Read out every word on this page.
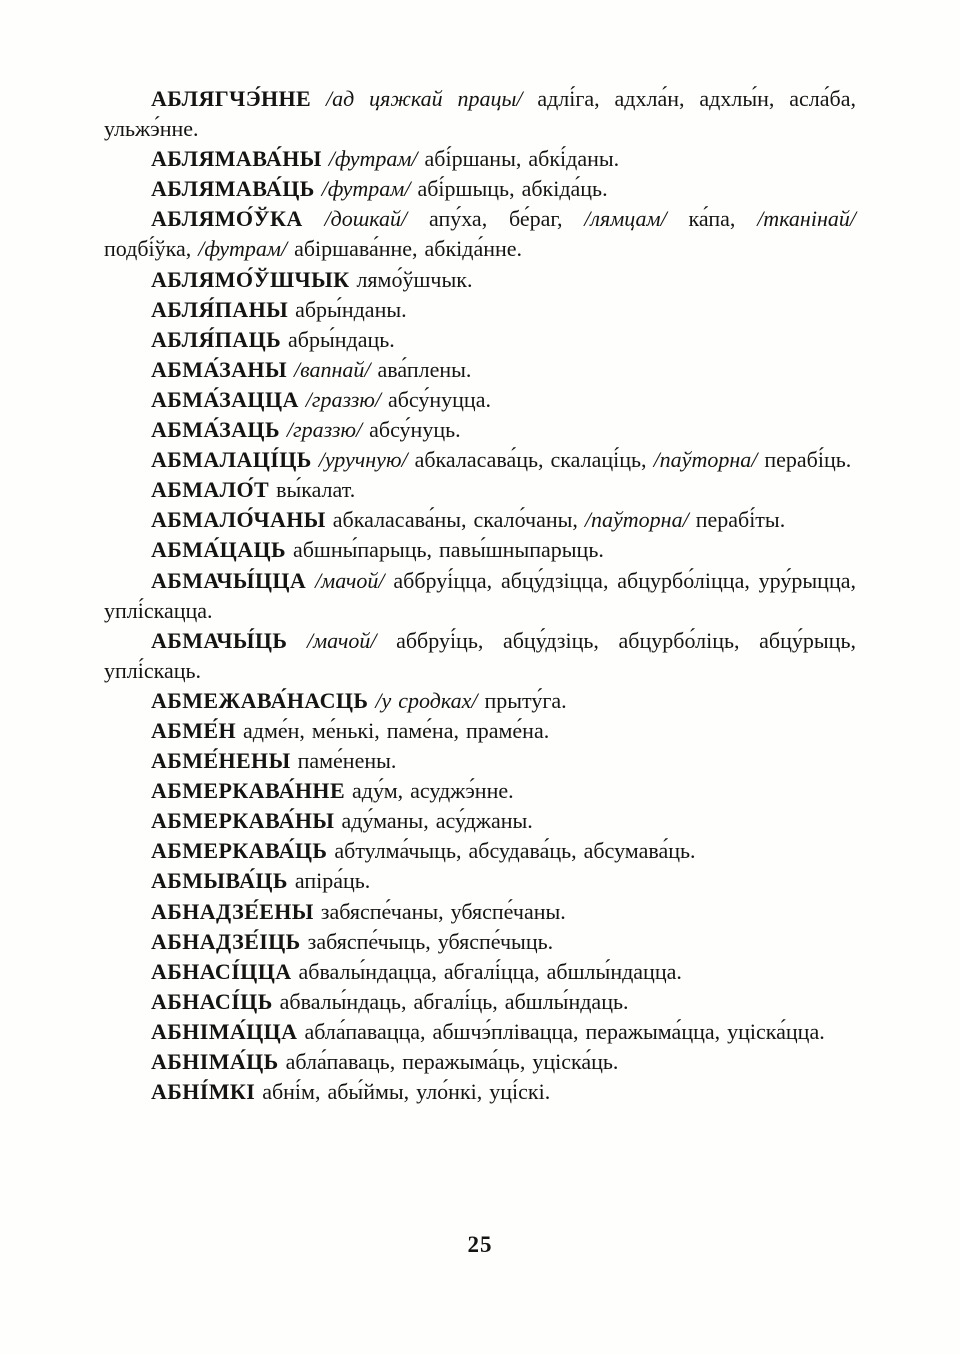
АБЛЯГЧЭ́ННЕ /ад цяжкай працы/ адлі́га, адхла́н, адхлы́н, асла́ба, ульжэ́нне.

АБЛЯМАВА́НЫ /футрам/ абі́ршаны, абкі́даны.

АБЛЯМАВА́ЦЬ /футрам/ абі́ршыць, абкіда́ць.

АБЛЯМО́ЎКА /дошкай/ апу́ха, бе́раг, /лямцам/ ка́па, /тканінай/ подбі́ўка, /футрам/ абіршава́нне, абкіда́нне.

АБЛЯМО́ЎШЧЫК лямо́ўшчык.

АБЛЯ́ПАНЫ абры́нданы.

АБЛЯ́ПАЦЬ абры́ндаць.

АБМА́ЗАНЫ /вапнай/ ава́плены.

АБМА́ЗАЦЦА /граззю/ абсу́нуцца.

АБМА́ЗАЦЬ /граззю/ абсу́нуць.

АБМАЛАЦІ́ЦЬ /уручную/ абкаласава́ць, скалаці́ць, /паўторна/ перабі́ць.

АБМАЛО́Т вы́калат.

АБМАЛО́ЧАНЫ абкаласава́ны, скало́чаны, /паўторна/ перабі́ты.

АБМА́ЦАЦЬ абшны́парыць, павы́шныпарыць.

АБМАЧЫ́ЦЦА /мачой/ аббруі́цца, абцу́дзіцца, абцурбо́ліцца, уру́рыцца, уплі́скацца.

АБМАЧЫ́ЦЬ /мачой/ аббруі́ць, абцу́дзіць, абцурбо́ліць, абцу́рыць, уплі́скаць.

АБМЕЖАВА́НАСЦЬ /у сродках/ прыту́га.

АБМЕ́Н адме́н, ме́нькі, паме́на, праме́на.

АБМЕ́НЕНЫ паме́нены.

АБМЕРКАВА́ННЕ аду́м, асуджэ́нне.

АБМЕРКАВА́НЫ аду́маны, асу́джаны.

АБМЕРКАВА́ЦЬ абтулма́чыць, абсудава́ць, абсумава́ць.

АБМЫВА́ЦЬ апіра́ць.

АБНАДЗЕ́ЕНЫ забяспе́чаны, убяспе́чаны.

АБНАДЗЕ́ІЦЬ забяспе́чыць, убяспе́чыць.

АБНАСІ́ЦЦА абвалы́ндацца, абгалі́цца, абшлы́ндацца.

АБНАСІ́ЦЬ абвалы́ндаць, абгалі́ць, абшлы́ндаць.

АБНІМА́ЦЦА абла́павацца, абшчэ́плівацца, перажыма́цца, уціска́цца.

АБНІМА́ЦЬ абла́паваць, перажыма́ць, уціска́ць.

АБНІ́МКІ абні́м, абы́ймы, уло́нкі, уці́скі.

25
